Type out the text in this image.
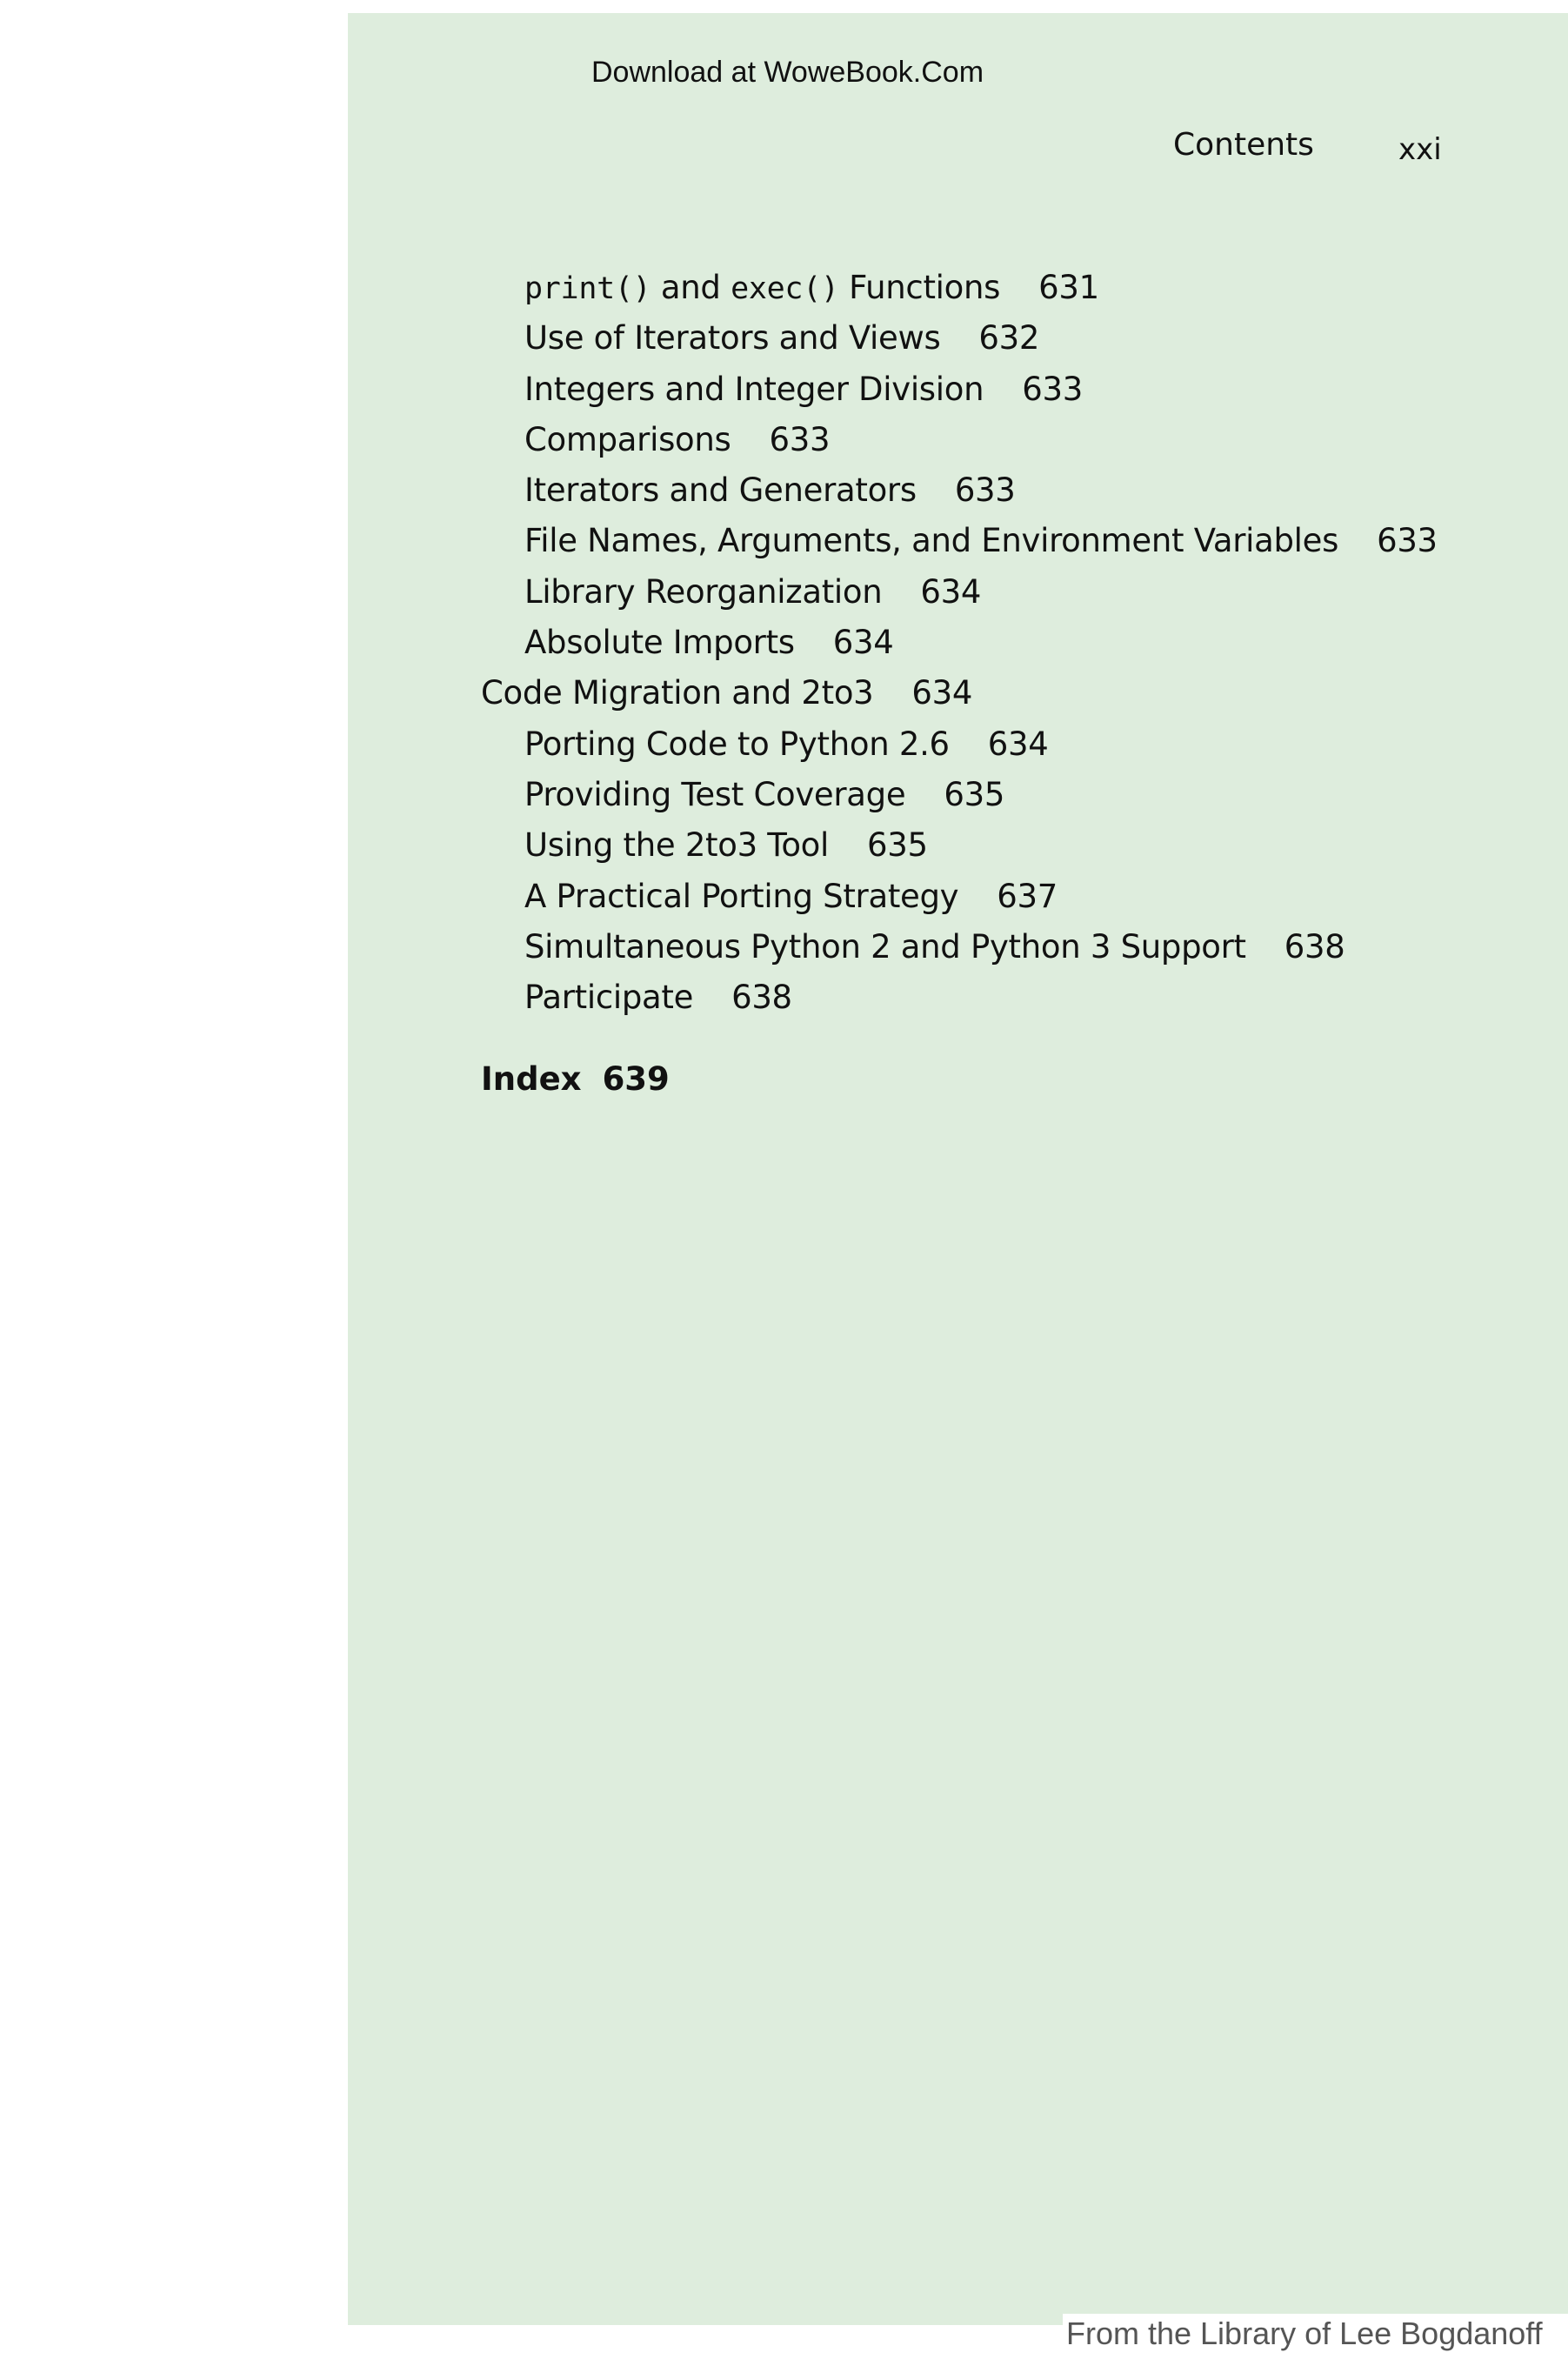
Download at WoweBook.Com
Contents	xxi
print() and exec() Functions 631
Use of Iterators and Views 632
Integers and Integer Division 633
Comparisons 633
Iterators and Generators 633
File Names, Arguments, and Environment Variables 633
Library Reorganization 634
Absolute Imports 634
Code Migration and 2to3 634
Porting Code to Python 2.6 634
Providing Test Coverage 635
Using the 2to3 Tool 635
A Practical Porting Strategy 637
Simultaneous Python 2 and Python 3 Support 638
Participate 638
Index 639
From the Library of Lee Bogdanoff
